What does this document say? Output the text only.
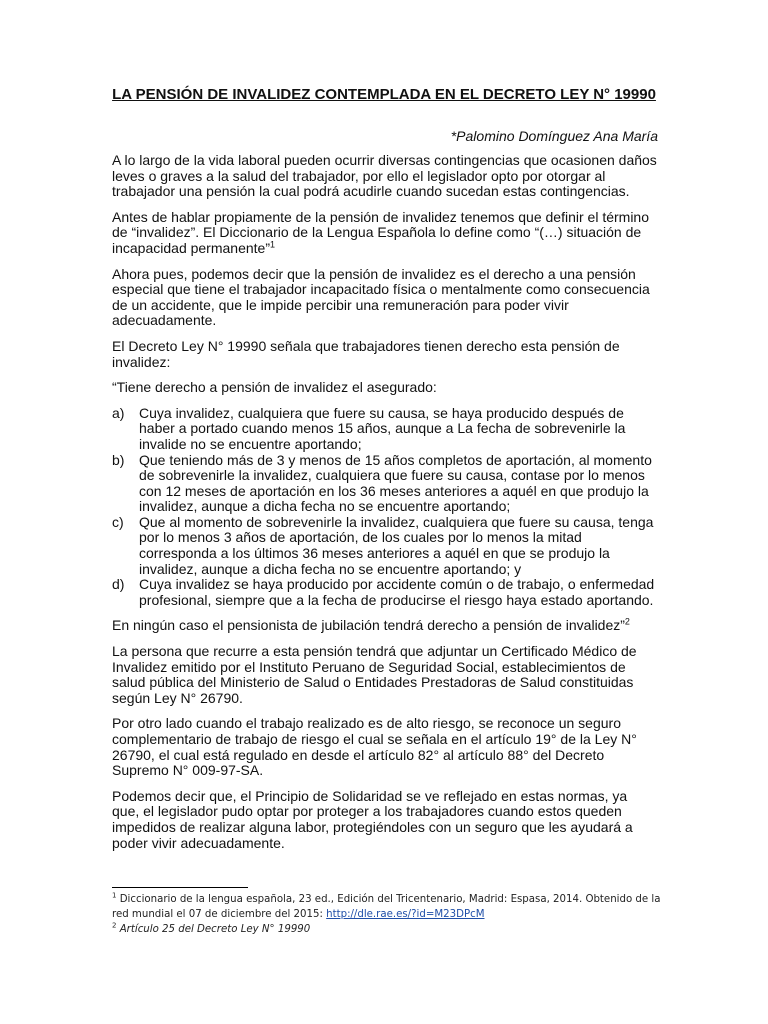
LA PENSIÓN DE INVALIDEZ CONTEMPLADA EN EL DECRETO LEY N° 19990
*Palomino Domínguez Ana María

A lo largo de la vida laboral pueden ocurrir diversas contingencias que ocasionen daños leves o graves a la salud del trabajador, por ello el legislador opto por otorgar al trabajador una pensión la cual podrá acudirle cuando sucedan estas contingencias.

Antes de hablar propiamente de la pensión de invalidez tenemos que definir el término de “invalidez”. El Diccionario de la Lengua Española lo define como “(…) situación de incapacidad permanente”$^1$

Ahora pues, podemos decir que la pensión de invalidez es el derecho a una pensión especial que tiene el trabajador incapacitado física o mentalmente como consecuencia de un accidente, que le impide percibir una remuneración para poder vivir adecuadamente.

El Decreto Ley N° 19990 señala que trabajadores tienen derecho esta pensión de invalidez:

“Tiene derecho a pensión de invalidez el asegurado:

a) Cuya invalidez, cualquiera que fuere su causa, se haya producido después de haber a portado cuando menos 15 años, aunque a La fecha de sobrevenirle la invalide no se encuentre aportando;
b) Que teniendo más de 3 y menos de 15 años completos de aportación, al momento de sobrevenirle la invalidez, cualquiera que fuere su causa, contase por lo menos con 12 meses de aportación en los 36 meses anteriores a aquél en que produjo la invalidez, aunque a dicha fecha no se encuentre aportando;
c) Que al momento de sobrevenirle la invalidez, cualquiera que fuere su causa, tenga por lo menos 3 años de aportación, de los cuales por lo menos la mitad corresponda a los últimos 36 meses anteriores a aquél en que se produjo la invalidez, aunque a dicha fecha no se encuentre aportando; y
d) Cuya invalidez se haya producido por accidente común o de trabajo, o enfermedad profesional, siempre que a la fecha de producirse el riesgo haya estado aportando.

En ningún caso el pensionista de jubilación tendrá derecho a pensión de invalidez”$^2$

La persona que recurre a esta pensión tendrá que adjuntar un Certificado Médico de Invalidez emitido por el Instituto Peruano de Seguridad Social, establecimientos de salud pública del Ministerio de Salud o Entidades Prestadoras de Salud constituidas según Ley N° 26790.

Por otro lado cuando el trabajo realizado es de alto riesgo, se reconoce un seguro complementario de trabajo de riesgo el cual se señala en el artículo 19° de la Ley N° 26790, el cual está regulado en desde el artículo 82° al artículo 88° del Decreto Supremo N° 009-97-SA.

Podemos decir que, el Principio de Solidaridad se ve reflejado en estas normas, ya que, el legislador pudo optar por proteger a los trabajadores cuando estos queden impedidos de realizar alguna labor, protegiéndoles con un seguro que les ayudará a poder vivir adecuadamente.

$^1$ Diccionario de la lengua española, 23 ed., Edición del Tricentenario, Madrid: Espasa, 2014. Obtenido de la red mundial el 07 de diciembre del 2015: http://dle.rae.es/?id=M23DPcM

$^2$ Artículo 25 del Decreto Ley N° 19990
